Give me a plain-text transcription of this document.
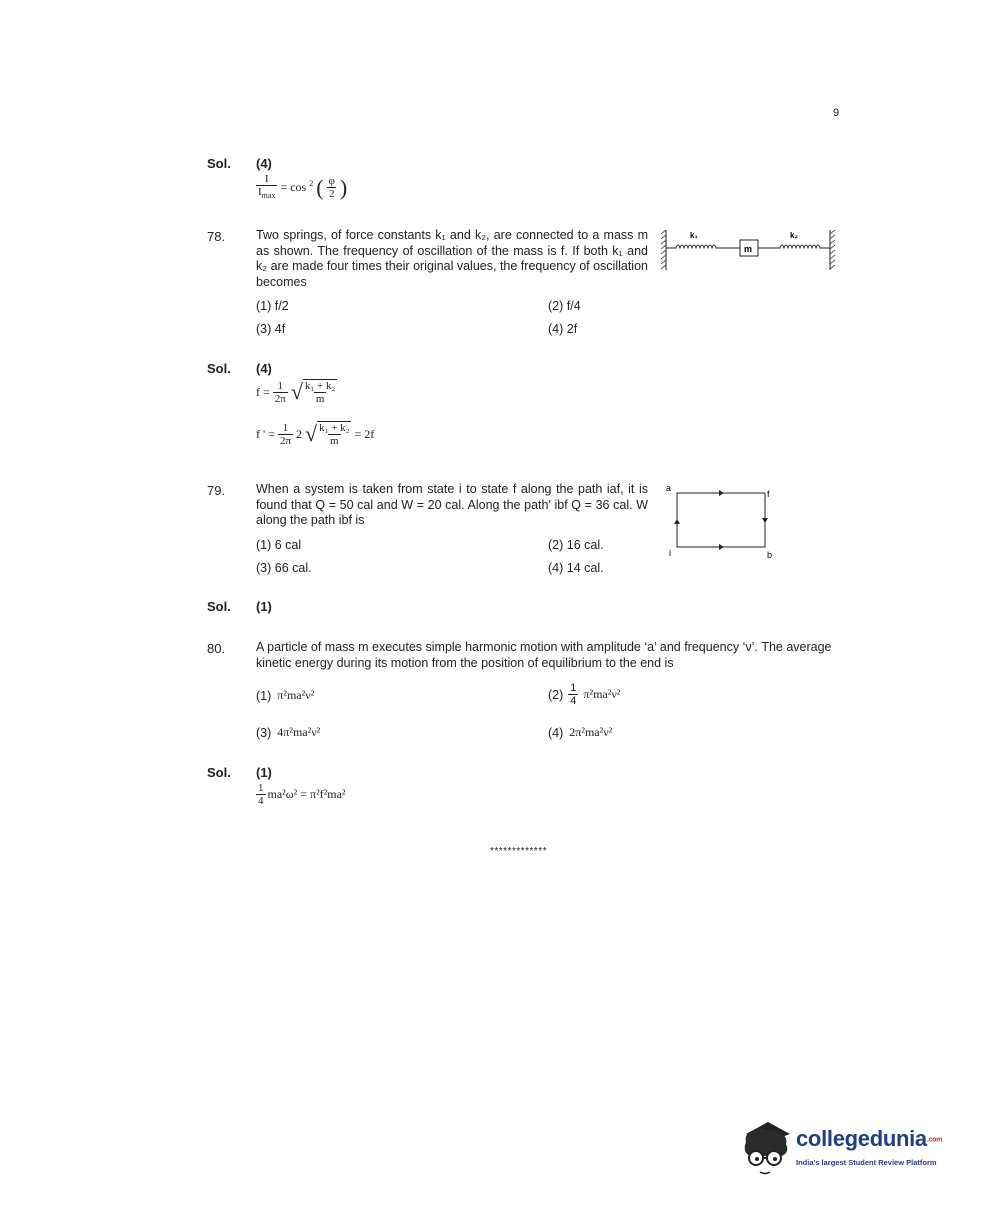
9
Sol. (4)
$\frac{I}{I_{max}} = \cos ^2$ ( $\frac{\varphi}{2}$ )
78. Two springs, of force constants k₁ and k₂, are connected to a mass m as shown. The frequency of oscillation of the mass is f. If both k₁ and k₂ are made four times their original values, the frequency of oscillation becomes
k₁
m
k₂
(1) f/2	(2) f/4
(3) 4f	(4) 2f
Sol. (4)
$f = \frac{1}{2\pi}$ √ $\frac{\text{k₁ + k₂}}{m}$
f ' = $\frac{1}{2\pi} 2$ √ $\frac{\text{k₁ + k₂}}{m} = 2f$
79. When a system is taken from state i to state f along the path iaf, it is found that Q = 50 cal and W = 20 cal. Along the path' ibf Q = 36 cal. W along the path ibf is
a
f
i	b
(1) 6 cal	(2) 16 cal.
(3) 66 cal.	(4) 14 cal.
Sol. (1)
80. A particle of mass m executes simple harmonic motion with amplitude ‘a’ and frequency ‘ν’. The average kinetic energy during its motion from the position of equilibrium to the end is
(1) π²ma²ν²	$(2) \frac{1}{4} \pi^2ma^2\nu^2$
(3) 4π²ma²ν²	(4) 2π²ma²ν²
Sol. (1)
$\frac{1}{4} ma^2\omega^2 = \pi^2f^2ma^2$
*************
collegedunia.com
India's largest Student Review Platform
